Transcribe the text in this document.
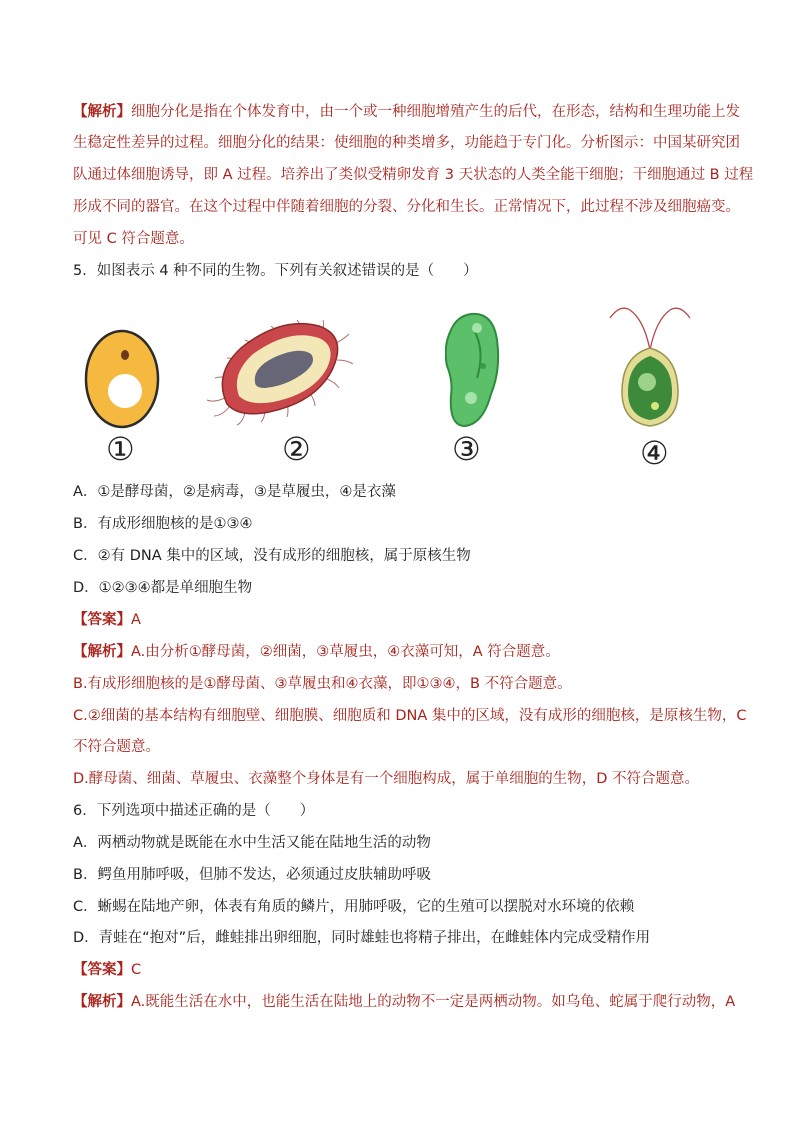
【解析】细胞分化是指在个体发育中，由一个或一种细胞增殖产生的后代，在形态，结构和生理功能上发
生稳定性差异的过程。细胞分化的结果：使细胞的种类增多，功能趋于专门化。分析图示：中国某研究团
队通过体细胞诱导，即 A 过程。培养出了类似受精卵发育 3 天状态的人类全能干细胞；干细胞通过 B 过程
形成不同的器官。在这个过程中伴随着细胞的分裂、分化和生长。正常情况下，此过程不涉及细胞癌变。
可见 C 符合题意。
5．如图表示 4 种不同的生物。下列有关叙述错误的是（　　）
①	②	③	④
A．①是酵母菌，②是病毒，③是草履虫，④是衣藻
B．有成形细胞核的是①③④
C．②有 DNA 集中的区域，没有成形的细胞核，属于原核生物
D．①②③④都是单细胞生物
【答案】A
【解析】A.由分析①酵母菌，②细菌，③草履虫，④衣藻可知，A 符合题意。
B.有成形细胞核的是①酵母菌、③草履虫和④衣藻，即①③④，B 不符合题意。
C.②细菌的基本结构有细胞壁、细胞膜、细胞质和 DNA 集中的区域，没有成形的细胞核，是原核生物，C
不符合题意。
D.酵母菌、细菌、草履虫、衣藻整个身体是有一个细胞构成，属于单细胞的生物，D 不符合题意。
6．下列选项中描述正确的是（　　）
A．两栖动物就是既能在水中生活又能在陆地生活的动物
B．鳄鱼用肺呼吸，但肺不发达，必须通过皮肤辅助呼吸
C．蜥蜴在陆地产卵，体表有角质的鳞片，用肺呼吸，它的生殖可以摆脱对水环境的依赖
D．青蛙在“抱对”后，雌蛙排出卵细胞，同时雄蛙也将精子排出，在雌蛙体内完成受精作用
【答案】C
【解析】A.既能生活在水中，也能生活在陆地上的动物不一定是两栖动物。如乌龟、蛇属于爬行动物，A
